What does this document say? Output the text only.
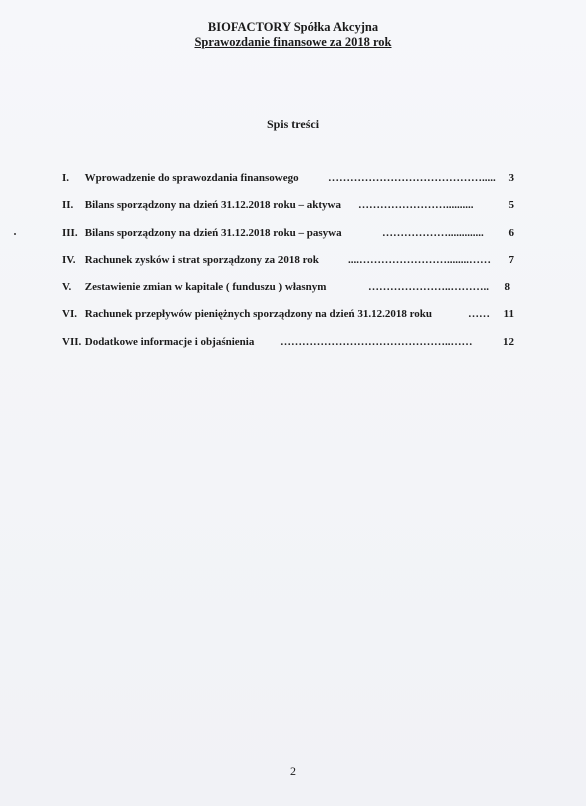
BIOFACTORY Spółka Akcyjna
Sprawozdanie finansowe za 2018 rok
Spis treści
I. Wprowadzenie do sprawozdania finansowego	……………………………………..... 3
II. Bilans sporządzony na dzień 31.12.2018 roku – aktywa ……………………..........	5
III. Bilans sporządzony na dzień 31.12.2018 roku – pasywa	………………............. 6
IV. Rachunek zysków i strat sporządzony za 2018 rok	....……………………........…… 7
V. Zestawienie zmian w kapitale ( funduszu ) własnym	…………………..……….. 8
VI. Rachunek przepływów pieniężnych sporządzony na dzień 31.12.2018 roku	…… 11
VII. Dodatkowe informacje i objaśnienia ………………………………………..……	12
2
